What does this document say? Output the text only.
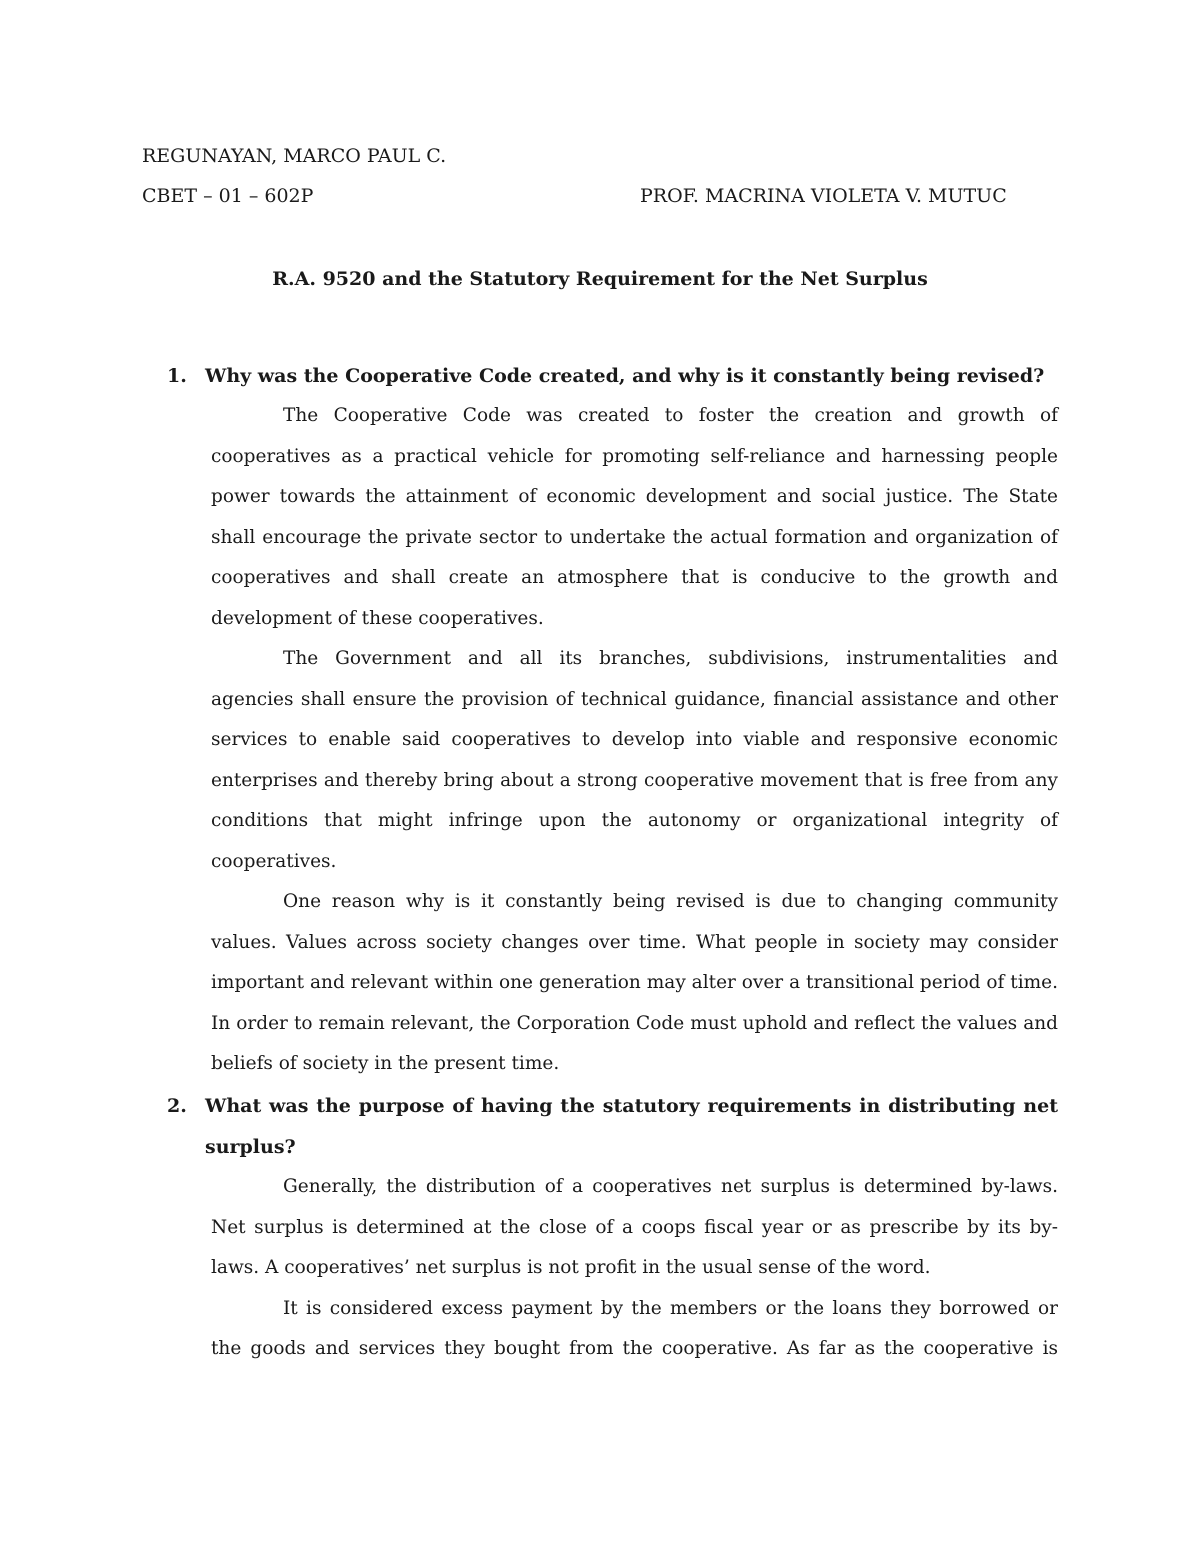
REGUNAYAN, MARCO PAUL C.
CBET – 01 – 602P	PROF. MACRINA VIOLETA V. MUTUC
R.A. 9520 and the Statutory Requirement for the Net Surplus
1. Why was the Cooperative Code created, and why is it constantly being revised?

The Cooperative Code was created to foster the creation and growth of cooperatives as a practical vehicle for promoting self-reliance and harnessing people power towards the attainment of economic development and social justice. The State shall encourage the private sector to undertake the actual formation and organization of cooperatives and shall create an atmosphere that is conducive to the growth and development of these cooperatives.

The Government and all its branches, subdivisions, instrumentalities and agencies shall ensure the provision of technical guidance, financial assistance and other services to enable said cooperatives to develop into viable and responsive economic enterprises and thereby bring about a strong cooperative movement that is free from any conditions that might infringe upon the autonomy or organizational integrity of cooperatives.

One reason why is it constantly being revised is due to changing community values. Values across society changes over time. What people in society may consider important and relevant within one generation may alter over a transitional period of time. In order to remain relevant, the Corporation Code must uphold and reflect the values and beliefs of society in the present time.

2. What was the purpose of having the statutory requirements in distributing net surplus?

Generally, the distribution of a cooperatives net surplus is determined by-laws. Net surplus is determined at the close of a coops fiscal year or as prescribe by its by-laws. A cooperatives’ net surplus is not profit in the usual sense of the word.

It is considered excess payment by the members or the loans they borrowed or the goods and services they bought from the cooperative. As far as the cooperative is
